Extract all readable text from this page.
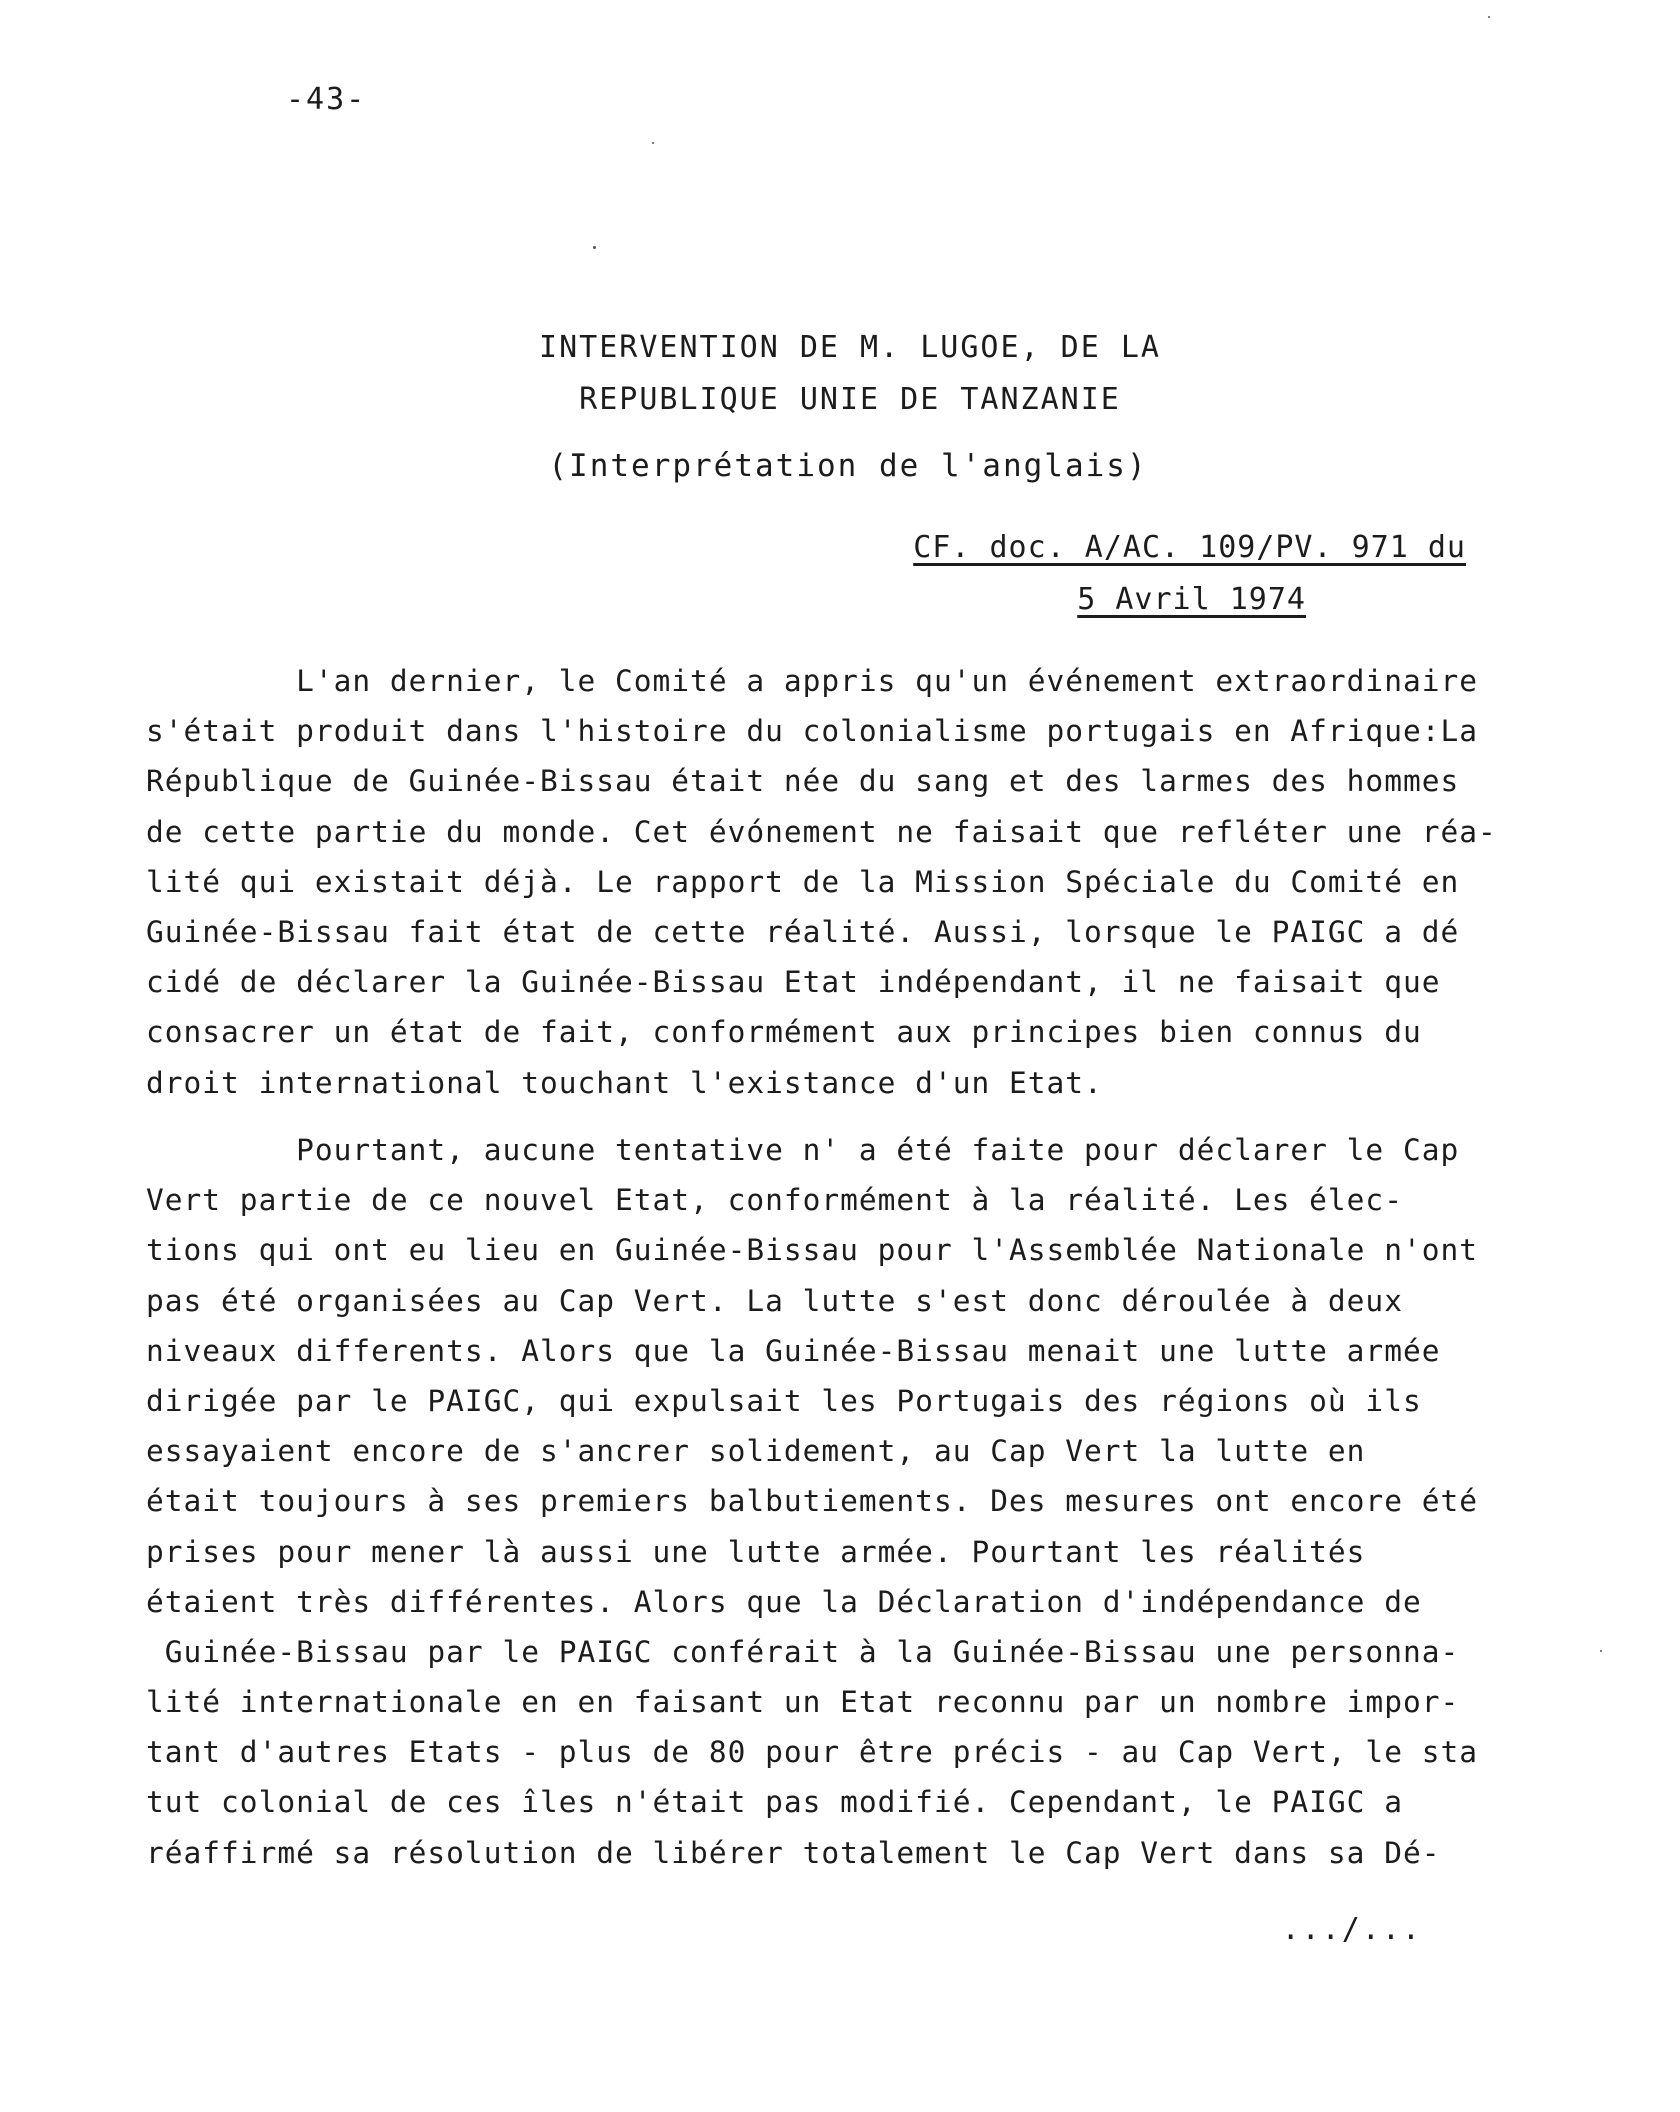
-43-
INTERVENTION DE M. LUGOE, DE LA
REPUBLIQUE UNIE DE TANZANIE
(Interprétation de l'anglais)
CF. doc. A/AC. 109/PV. 971 du
5 Avril 1974
L'an dernier, le Comité a appris qu'un événement extraordinaire
s'était produit dans l'histoire du colonialisme portugais en Afrique:La
République de Guinée-Bissau était née du sang et des larmes des hommes
de cette partie du monde. Cet évónement ne faisait que refléter une réa-
lité qui existait déjà. Le rapport de la Mission Spéciale du Comité en
Guinée-Bissau fait état de cette réalité. Aussi, lorsque le PAIGC a dé
cidé de déclarer la Guinée-Bissau Etat indépendant, il ne faisait que
consacrer un état de fait, conformément aux principes bien connus du
droit international touchant l'existance d'un Etat.
Pourtant, aucune tentative n' a été faite pour déclarer le Cap
Vert partie de ce nouvel Etat, conformément à la réalité. Les élec-
tions qui ont eu lieu en Guinée-Bissau pour l'Assemblée Nationale n'ont
pas été organisées au Cap Vert. La lutte s'est donc déroulée à deux
niveaux differents. Alors que la Guinée-Bissau menait une lutte armée
dirigée par le PAIGC, qui expulsait les Portugais des régions où ils
essayaient encore de s'ancrer solidement, au Cap Vert la lutte en
était toujours à ses premiers balbutiements. Des mesures ont encore été
prises pour mener là aussi une lutte armée. Pourtant les réalités
étaient très différentes. Alors que la Déclaration d'indépendance de
Guinée-Bissau par le PAIGC conférait à la Guinée-Bissau une personna-
lité internationale en en faisant un Etat reconnu par un nombre impor-
tant d'autres Etats - plus de 80 pour être précis - au Cap Vert, le sta
tut colonial de ces îles n'était pas modifié. Cependant, le PAIGC a
réaffirmé sa résolution de libérer totalement le Cap Vert dans sa Dé-
.../...
